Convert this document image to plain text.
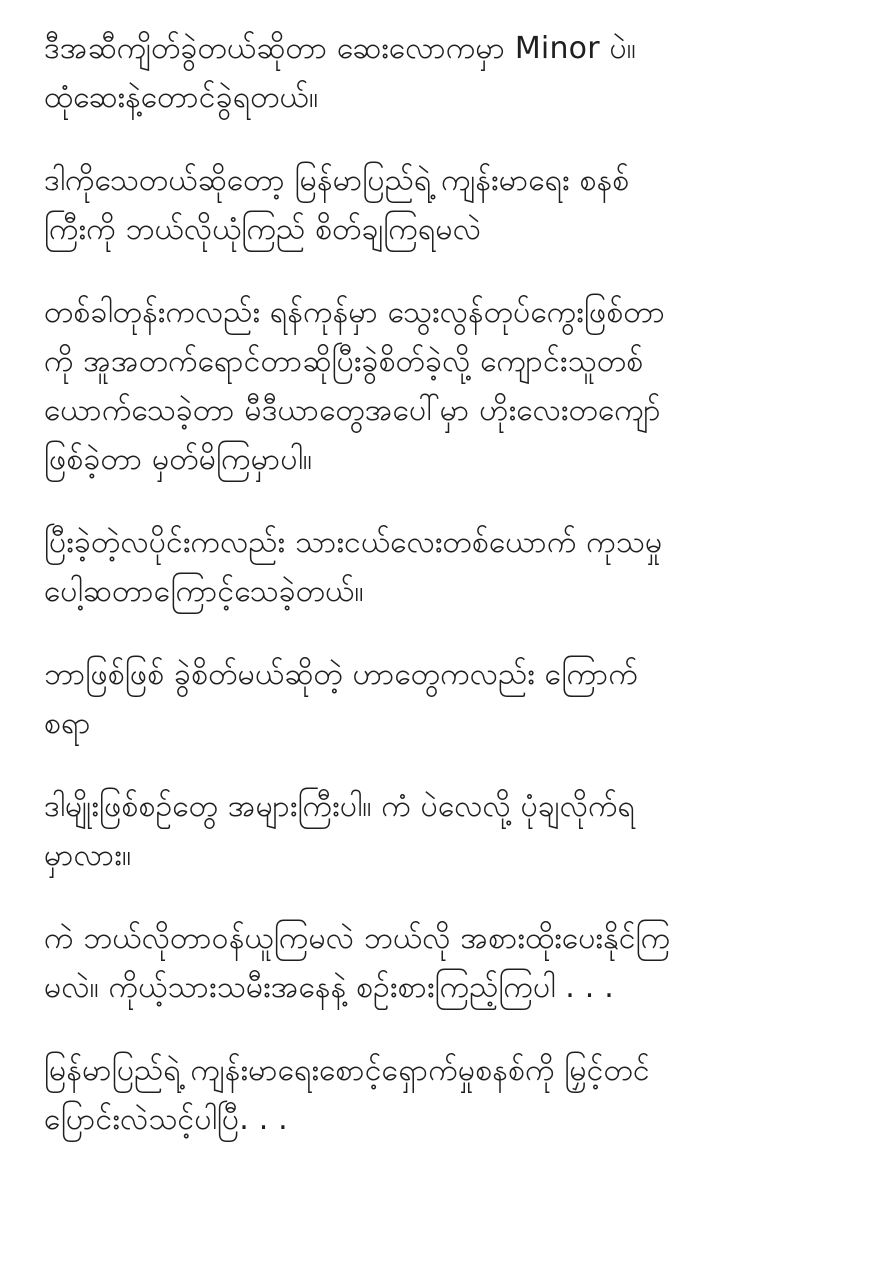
ဒီအဆီကျိတ်ခွဲတယ်ဆိုတာ ဆေးလောကမှာ Minor ပဲ။
ထုံဆေးနဲ့တောင်ခွဲရတယ်။
ဒါကိုသေတယ်ဆိုတော့ မြန်မာပြည်ရဲ့ ကျန်းမာရေး စနစ်
ကြီးကို ဘယ်လိုယုံကြည် စိတ်ချကြရမလဲ
တစ်ခါတုန်းကလည်း ရန်ကုန်မှာ သွေးလွန်တုပ်ကွေးဖြစ်တာ
ကို အူအတက်ရောင်တာဆိုပြီးခွဲစိတ်ခဲ့လို့ ကျောင်းသူတစ်
ယောက်သေခဲ့တာ မီဒီယာတွေအပေါ်မှာ ဟိုးလေးတကျော်
ဖြစ်ခဲ့တာ မှတ်မိကြမှာပါ။
ပြီးခဲ့တဲ့လပိုင်းကလည်း သားငယ်လေးတစ်ယောက် ကုသမှု
ပေါ့ဆတာကြောင့်သေခဲ့တယ်။
ဘာဖြစ်ဖြစ် ခွဲစိတ်မယ်ဆိုတဲ့ ဟာတွေကလည်း ကြောက်
စရာ
ဒါမျိုးဖြစ်စဥ်တွေ အများကြီးပါ။ ကံ ပဲလေလို့ ပုံချလိုက်ရ
မှာလား။
ကဲ ဘယ်လိုတာဝန်ယူကြမလဲ ဘယ်လို အစားထိုးပေးနိုင်ကြ
မလဲ။ ကိုယ့်သားသမီးအနေနဲ့ စဉ်းစားကြည့်ကြပါ . . .
မြန်မာပြည်ရဲ့ ကျန်းမာရေးစောင့်ရှောက်မှုစနစ်ကို မြှင့်တင်
ပြောင်းလဲသင့်ပါပြီ. . .
